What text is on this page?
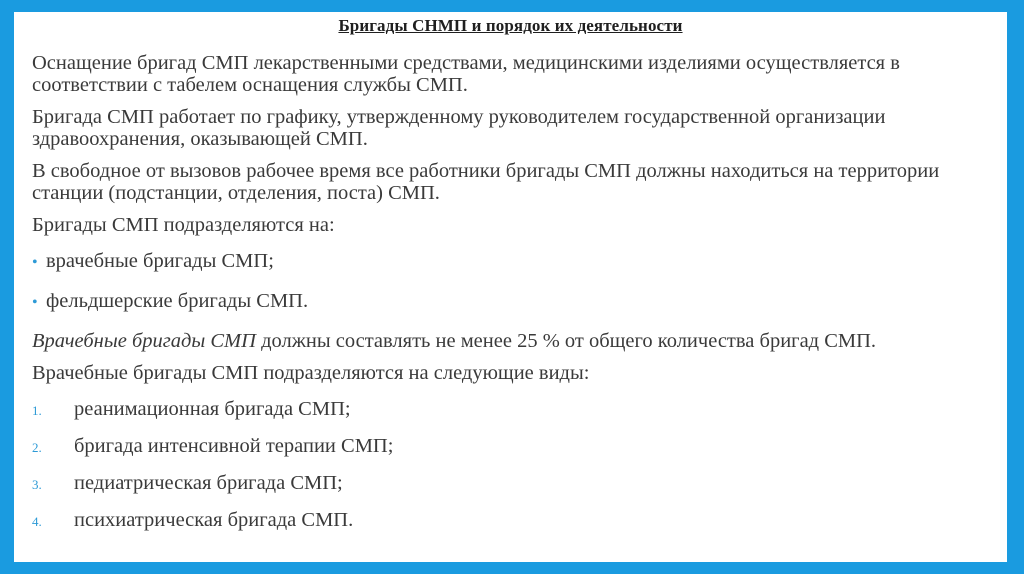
Бригады СНМП и порядок их деятельности

Оснащение бригад СМП лекарственными средствами, медицинскими изделиями осуществляется в соответствии с табелем оснащения службы СМП.

Бригада СМП работает по графику, утвержденному руководителем государственной организации здравоохранения, оказывающей СМП.

В свободное от вызовов рабочее время все работники бригады СМП должны находиться на территории станции (подстанции, отделения, поста) СМП.

Бригады СМП подразделяются на:

• врачебные бригады СМП;
• фельдшерские бригады СМП.

Врачебные бригады СМП должны составлять не менее 25 % от общего количества бригад СМП.

Врачебные бригады СМП подразделяются на следующие виды:

1.	реанимационная бригада СМП;
2.	бригада интенсивной терапии СМП;
3.	педиатрическая бригада СМП;
4.	психиатрическая бригада СМП.
